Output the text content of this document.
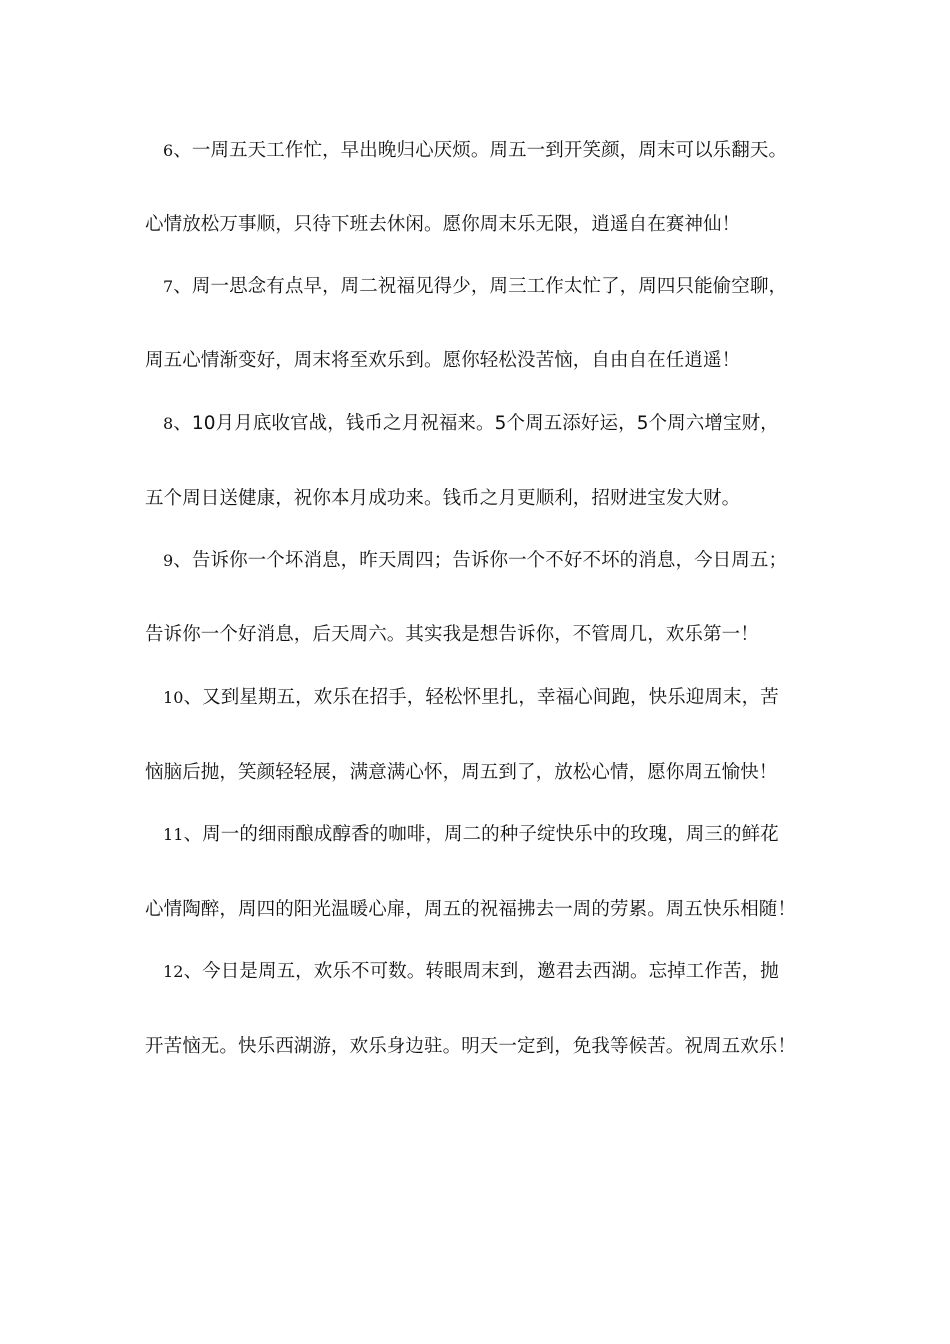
6、一周五天工作忙，早出晚归心厌烦。周五一到开笑颜，周末可以乐翻天。
心情放松万事顺，只待下班去休闲。愿你周末乐无限，逍遥自在赛神仙！
7、周一思念有点早，周二祝福见得少，周三工作太忙了，周四只能偷空聊，
周五心情渐变好，周末将至欢乐到。愿你轻松没苦恼，自由自在任逍遥！
8、10月月底收官战，钱币之月祝福来。5个周五添好运，5个周六增宝财，
五个周日送健康，祝你本月成功来。钱币之月更顺利，招财进宝发大财。
9、告诉你一个坏消息，昨天周四；告诉你一个不好不坏的消息，今日周五；
告诉你一个好消息，后天周六。其实我是想告诉你，不管周几，欢乐第一！
10、又到星期五，欢乐在招手，轻松怀里扎，幸福心间跑，快乐迎周末，苦
恼脑后抛，笑颜轻轻展，满意满心怀，周五到了，放松心情，愿你周五愉快！
11、周一的细雨酿成醇香的咖啡，周二的种子绽快乐中的玫瑰，周三的鲜花
心情陶醉，周四的阳光温暖心扉，周五的祝福拂去一周的劳累。周五快乐相随！
12、今日是周五，欢乐不可数。转眼周末到，邀君去西湖。忘掉工作苦，抛
开苦恼无。快乐西湖游，欢乐身边驻。明天一定到，免我等候苦。祝周五欢乐！
